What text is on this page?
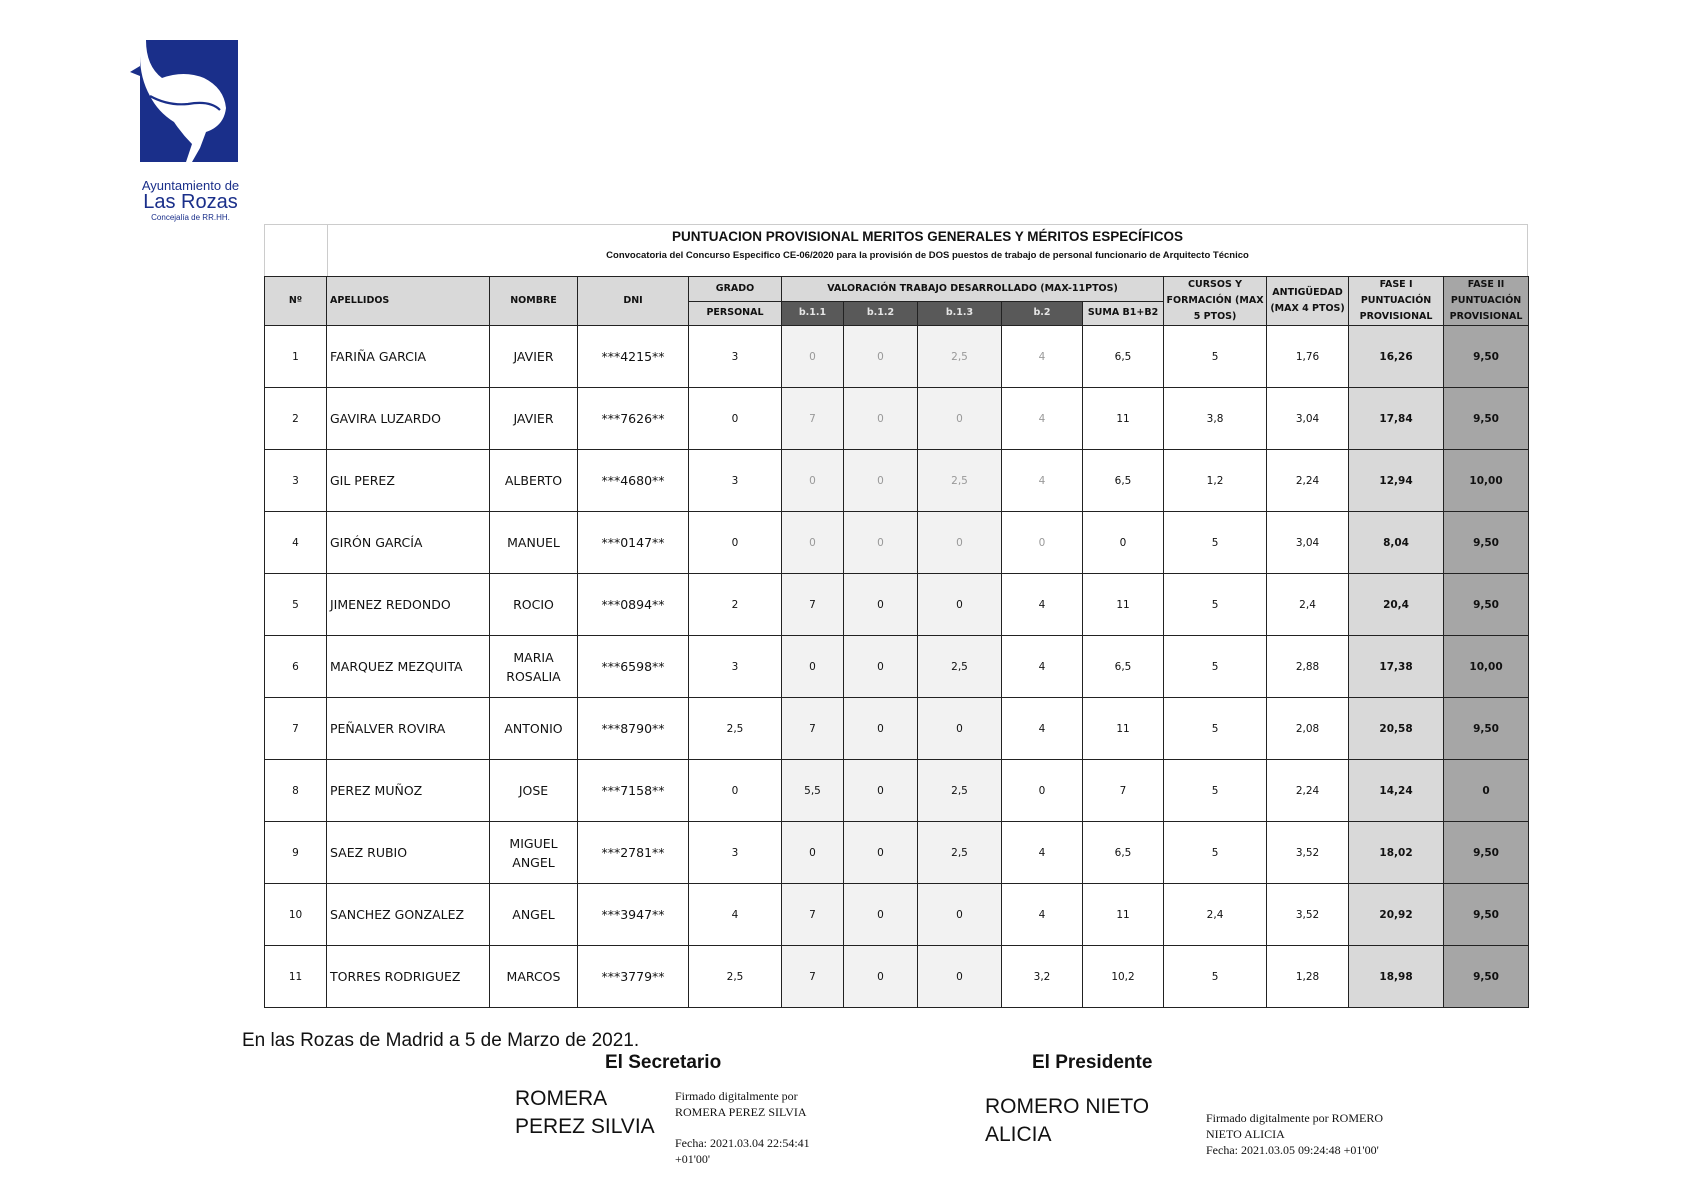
Ayuntamiento de
Las Rozas
Concejalía de RR.HH.
PUNTUACION PROVISIONAL MERITOS GENERALES Y MÉRITOS ESPECÍFICOS
Convocatoria del Concurso Especifico CE-06/2020 para la provisión de DOS puestos de trabajo de personal funcionario de Arquitecto Técnico
Nº	APELLIDOS	NOMBRE	DNI	GRADO	VALORACIÓN TRABAJO DESARROLLADO (MAX-11PTOS)					CURSOS Y FORMACIÓN (MAX 5 PTOS)	ANTIGÜEDAD (MAX 4 PTOS)	FASE I PUNTUACIÓN PROVISIONAL	FASE II PUNTUACIÓN PROVISIONAL
				PERSONAL	b.1.1	b.1.2	b.1.3	b.2	SUMA B1+B2				
1	FARIÑA GARCIA	JAVIER	***4215**	3	0	0	2,5	4	6,5	5	1,76	16,26	9,50
2	GAVIRA LUZARDO	JAVIER	***7626**	0	7	0	0	4	11	3,8	3,04	17,84	9,50
3	GIL PEREZ	ALBERTO	***4680**	3	0	0	2,5	4	6,5	1,2	2,24	12,94	10,00
4	GIRÓN GARCÍA	MANUEL	***0147**	0	0	0	0	0	0	5	3,04	8,04	9,50
5	JIMENEZ REDONDO	ROCIO	***0894**	2	7	0	0	4	11	5	2,4	20,4	9,50
6	MARQUEZ MEZQUITA	MARIA ROSALIA	***6598**	3	0	0	2,5	4	6,5	5	2,88	17,38	10,00
7	PEÑALVER ROVIRA	ANTONIO	***8790**	2,5	7	0	0	4	11	5	2,08	20,58	9,50
8	PEREZ MUÑOZ	JOSE	***7158**	0	5,5	0	2,5	0	7	5	2,24	14,24	0
9	SAEZ RUBIO	MIGUEL ANGEL	***2781**	3	0	0	2,5	4	6,5	5	3,52	18,02	9,50
10	SANCHEZ GONZALEZ	ANGEL	***3947**	4	7	0	0	4	11	2,4	3,52	20,92	9,50
11	TORRES RODRIGUEZ	MARCOS	***3779**	2,5	7	0	0	3,2	10,2	5	1,28	18,98	9,50
En las Rozas de Madrid a 5 de Marzo de 2021.
El Secretario	El Presidente
ROMERA PEREZ SILVIA
Firmado digitalmente por ROMERA PEREZ SILVIA
Fecha: 2021.03.04 22:54:41 +01'00'
ROMERO NIETO ALICIA
Firmado digitalmente por ROMERO NIETO ALICIA
Fecha: 2021.03.05 09:24:48 +01'00'
